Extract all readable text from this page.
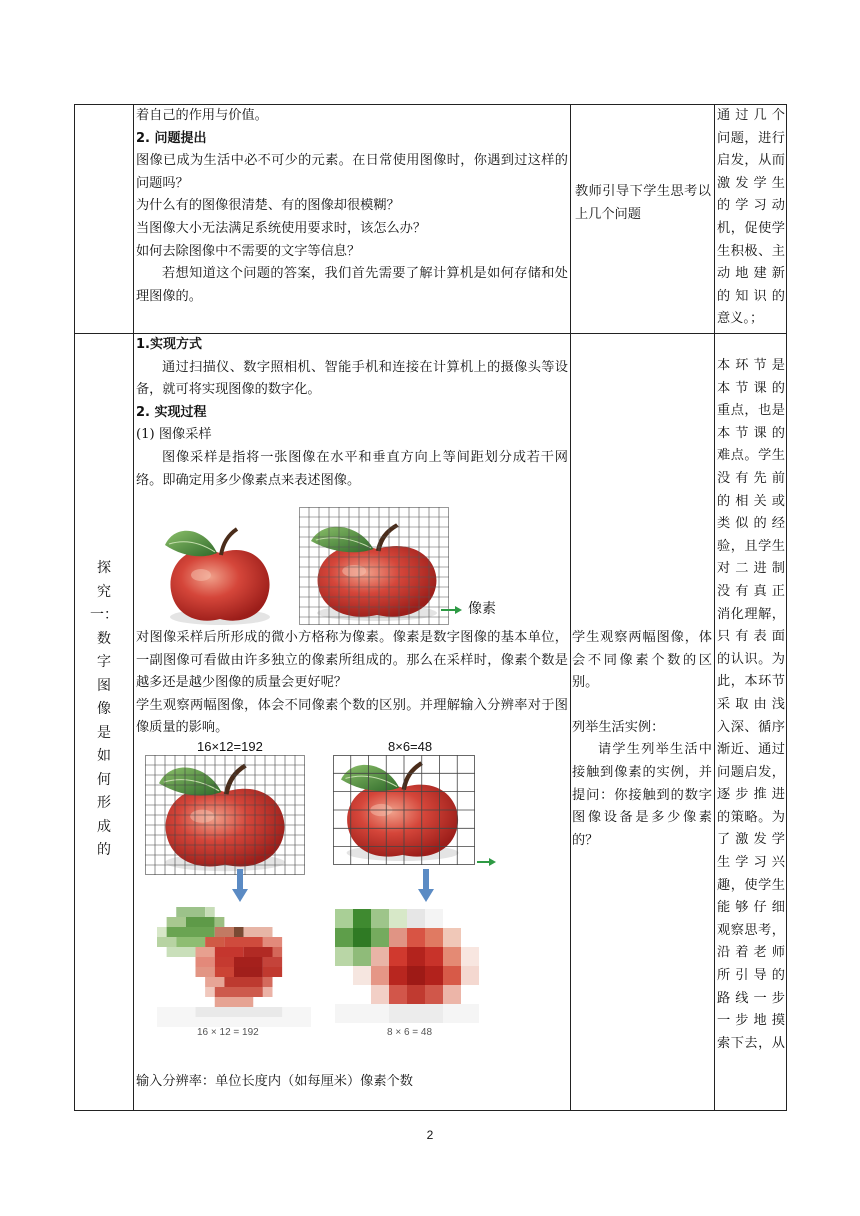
着自己的作用与价值。

2. 问题提出

图像已成为生活中必不可少的元素。在日常使用图像时，你遇到过这样的问题吗？

为什么有的图像很清楚、有的图像却很模糊？

当图像大小无法满足系统使用要求时，该怎么办？

如何去除图像中不需要的文字等信息？

若想知道这个问题的答案，我们首先需要了解计算机是如何存储和处理图像的。

教师引导下学生思考以上几个问题

通过几个

问题，进行

启发，从而

激发学生

的学习动

机，促使学

生积极、主

动地建新

的知识的

意义。；

探
究
一：
数
字
图
像
是
如
何
形
成
的

1.实现方式

通过扫描仪、数字照相机、智能手机和连接在计算机上的摄像头等设备，就可将实现图像的数字化。

2. 实现过程

(1) 图像采样

图像采样是指将一张图像在水平和垂直方向上等间距划分成若干网络。即确定用多少像素点来表述图像。

像素

对图像采样后所形成的微小方格称为像素。像素是数字图像的基本单位，一副图像可看做由许多独立的像素所组成的。那么在采样时，像素个数是越多还是越少图像的质量会更好呢？

学生观察两幅图像，体会不同像素个数的区别。并理解输入分辨率对于图像质量的影响。

16×12=192	8×6=48
16 × 12 = 192	8 × 6 = 48
输入分辨率：单位长度内（如每厘米）像素个数

学生观察两幅图像，体会不同像素个数的区别。

列举生活实例：

请学生列举生活中接触到像素的实例，并提问：你接触到的数字图像设备是多少像素的？

本环节是

本节课的

重点，也是

本节课的

难点。学生

没有先前

的相关或

类似的经

验，且学生

对二进制

没有真正

消化理解，

只有表面

的认识。为

此，本环节

采取由浅

入深、循序

渐近、通过

问题启发，

逐步推进

的策略。为

了激发学

生学习兴

趣，使学生

能够仔细

观察思考，

沿着老师

所引导的

路线一步

一步地摸

索下去，从

2
